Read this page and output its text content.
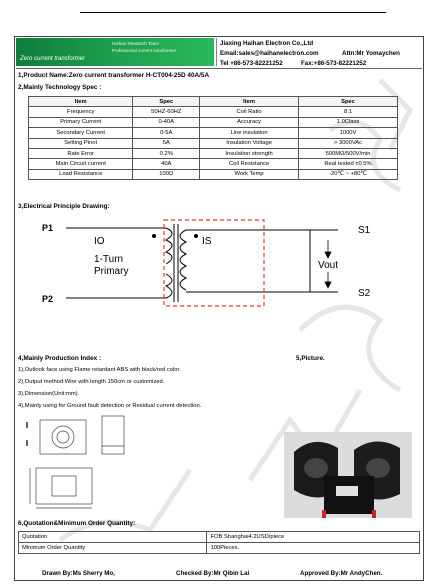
Haihan Research Team
Professional current transformer
Zero current transformer
Jiaxing Haihan Electron Co.,Ltd
Email:sales@haihanelectron.com	Attn:Mr Yomaychen
Tel +86-573-82221252	Fax:+86-573-82221252
1,Product Name:Zero current transformer H-CT004-25D 40A/5A
2,Mainly Technology Spec :
Item	Spec	Item	Spec
Frequency	50HZ-60HZ	Coil Ratio	8:1
Primary Current	0-40A	Accuracy	1.0Class
Secondary Current	0-5A	Line insulation	1000V
Setting Pinot	5A	Insulation Voltage	> 3000VAc
Rate Error	0.2%	Insulation strength	500MΩ/500V/min
Main Circuit current	40A	Coil Resistance	Real tested ±0.5%
Load Resistance	100Ω	Work Temp	-20℃ ~ +80℃
3,Electrical Principle Drawing:
P1
P2
IO
1-Turn
Primary
IS
Vout
S1
S2
4,Mainly Production Index :	5,Picture.
1),Outlook face using Flame retardant ABS with black/red color.
2),Output method:Wire with length 150cm or customized.
3),Dimension(Unit:mm).
4),Mainly using for Ground fault detection or Residual current detection.
6,Quotation&Minimum Order Quantity:
Quotation	FOB Shanghai4.2USD/piece
Minimum Order Quantity	100Pieces.
Drawn By:Ms Sherry Mo,	Checked By:Mr Qibin Lai	Approved By:Mr AndyChen.
